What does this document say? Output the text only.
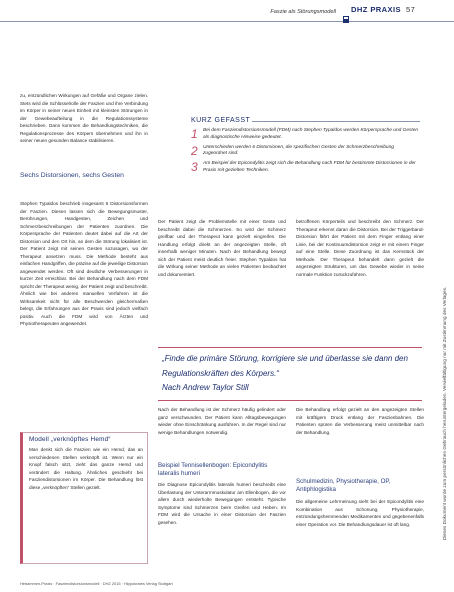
Faszie als Störungsmodell DHZ PRAXIS 57
Dieses Dokument wurde zum persönlichen Gebrauch heruntergeladen. Vervielfältigung nur mit Zustimmung des Verlages.

zu, entzündlichen Wirkungen auf Gefäße und Organe zielen. Stets wird die Schlüsselrolle der Faszien und ihre Verbindung im Körper in seiner neuen Einheit mit kleinsten Störungen in der Gewebeaufteilung in die Regulationssysteme beschrieben. Dann kommen die Behandlungstechniken, die Regulationsprozesse des Körpers übernehmen und ihn in seiner neuen gesunden Balance stabilisieren.

Sechs Distorsionen, sechs Gesten

Stephen Typaldos beschrieb insgesamt 6 Distorsionsformen der Faszien. Diesen lassen sich die Bewegungsmuster, Berührungen, Handgesten, Zeichen und Schmerzbeschreibungen der Patienten zuordnen. Die Körpersprache der Patienten deutet dabei auf die Art der Distorsion und den Ort hin, an dem die Störung lokalisiert ist. Der Patient zeigt mit seinen Gesten sozusagen, wo der Therapeut ansetzen muss. Die Methode besteht aus einfachen Handgriffen, die präzise auf die jeweilige Distorsion angewendet werden. Oft sind deutliche Verbesserungen in kurzer Zeit erreichbar. Bei der Behandlung nach dem FDM spricht der Therapeut wenig, der Patient zeigt und beschreibt.

Ähnlich wie bei anderen manuellen Verfahren ist die Wirksamkeit nicht für alle Beschwerden gleichermaßen belegt, die Erfahrungen aus der Praxis sind jedoch vielfach positiv. Auch die FDM wird von Ärzten und Physiotherapeuten angewendet.

Modell „verknöpftes Hemd“
Man denkt sich die Faszien wie ein Hemd, das an verschiedenen Stellen verknöpft ist. Wenn nur ein Knopf falsch sitzt, zieht das ganze Hemd und verändert die Haltung. Ähnliches geschieht bei Fasziendistorsionen im Körper. Die Behandlung löst diese „verknöpften“ Stellen gezielt.
KURZ GEFASST
1	Bei dem Fasziendistorsionsmodell (FDM) nach Stephen Typaldos werden Körpersprache und Gesten als diagnostische Hinweise gedeutet.
2	Unterschieden werden 6 Distorsionen, die spezifischen Gesten der Schmerzbeschreibung zugeordnet sind.
3	Am Beispiel der Epicondylitis zeigt sich die Behandlung nach FDM für bestimmte Distorsionen in der Praxis mit gezielten Techniken.

Der Patient zeigt die Problemstelle mit einer Geste und beschreibt dabei die Schmerzen. So wird der Schmerz greifbar und der Therapeut kann gezielt eingreifen. Die Handlung erfolgt direkt an der angezeigten Stelle, oft innerhalb weniger Minuten. Nach der Behandlung bewegt sich der Patient meist deutlich freier. Stephen Typaldos hat die Wirkung seiner Methode an vielen Patienten beobachtet und dokumentiert.

betroffenen Körperteils und beschreibt den Schmerz. Der Therapeut erkennt daran die Distorsion. Bei der Triggerband-Distorsion fährt der Patient mit dem Finger entlang einer Linie, bei der Kontinuumdistorsion zeigt er mit einem Finger auf eine Stelle. Diese Zuordnung ist das Kernstück der Methode. Der Therapeut behandelt dann gezielt die angezeigten Strukturen, um das Gewebe wieder in seine normale Funktion zurückzuführen.

„Finde die primäre Störung, korrigiere sie und überlasse sie dann den Regulationskräften des Körpers.“
Nach Andrew Taylor Still

Nach der Behandlung ist der Schmerz häufig gelindert oder ganz verschwunden. Der Patient kann Alltagsbewegungen wieder ohne Einschränkung ausführen. In der Regel sind nur wenige Behandlungen notwendig.

Beispiel Tennisellenbogen: Epicondylitis lateralis humeri

Die Diagnose Epicondylitis lateralis humeri beschreibt eine Überlastung der Unterarmmuskulatur am Ellenbogen, die vor allem durch wiederholte Bewegungen entsteht. Typische Symptome sind Schmerzen beim Greifen und Heben. Im FDM wird die Ursache in einer Distorsion der Faszien gesehen.

Die Behandlung erfolgt gezielt an den angezeigten Stellen mit kräftigem Druck entlang der Faszienbahnen. Die Patienten spüren die Verbesserung meist unmittelbar nach der Behandlung.

Schulmedizin, Physiotherapie, OP, Antiphlogistika

Die allgemeine Lehrmeinung sieht bei der Epicondylitis eine Kombination aus Schonung, Physiotherapie, entzündungshemmenden Medikamenten und gegebenenfalls einer Operation vor. Die Behandlungsdauer ist oft lang.

Hebammen-Praxis · Fasziendistorsionsmodell · DHZ 2015 · Hippokrates Verlag Stuttgart
